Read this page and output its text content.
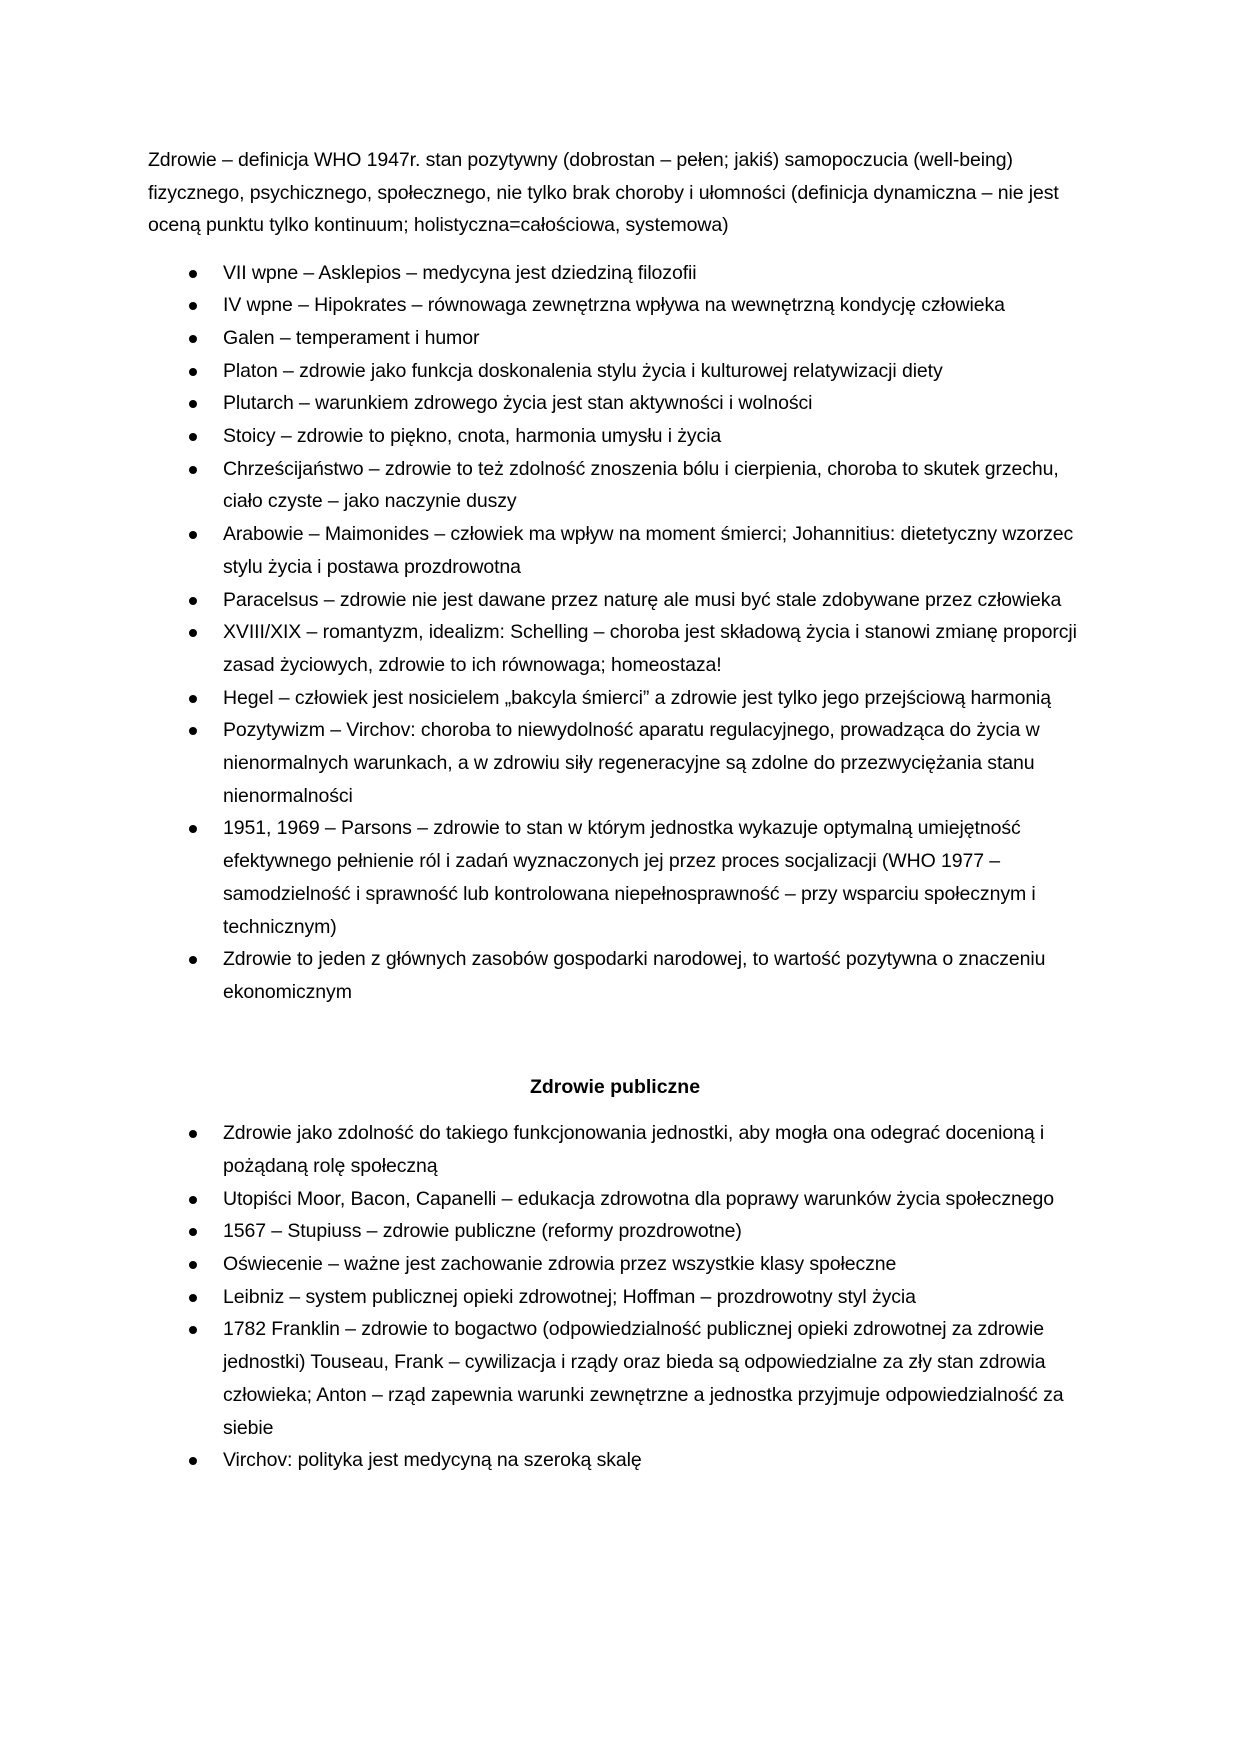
Zdrowie – definicja WHO 1947r. stan pozytywny (dobrostan – pełen; jakiś) samopoczucia (well-being) fizycznego, psychicznego, społecznego, nie tylko brak choroby i ułomności (definicja dynamiczna – nie jest oceną punktu tylko kontinuum; holistyczna=całościowa, systemowa)

VII wpne – Asklepios – medycyna jest dziedziną filozofii
IV wpne – Hipokrates – równowaga zewnętrzna wpływa na wewnętrzną kondycję człowieka
Galen – temperament i humor
Platon – zdrowie jako funkcja doskonalenia stylu życia i kulturowej relatywizacji diety
Plutarch – warunkiem zdrowego życia jest stan aktywności i wolności
Stoicy – zdrowie to piękno, cnota, harmonia umysłu i życia
Chrześcijaństwo – zdrowie to też zdolność znoszenia bólu i cierpienia, choroba to skutek grzechu, ciało czyste – jako naczynie duszy
Arabowie – Maimonides – człowiek ma wpływ na moment śmierci; Johannitius: dietetyczny wzorzec stylu życia i postawa prozdrowotna
Paracelsus – zdrowie nie jest dawane przez naturę ale musi być stale zdobywane przez człowieka
XVIII/XIX – romantyzm, idealizm: Schelling – choroba jest składową życia i stanowi zmianę proporcji zasad życiowych, zdrowie to ich równowaga; homeostaza!
Hegel – człowiek jest nosicielem „bakcyla śmierci” a zdrowie jest tylko jego przejściową harmonią
Pozytywizm – Virchov: choroba to niewydolność aparatu regulacyjnego, prowadząca do życia w nienormalnych warunkach, a w zdrowiu siły regeneracyjne są zdolne do przezwyciężania stanu nienormalności
1951, 1969 – Parsons – zdrowie to stan w którym jednostka wykazuje optymalną umiejętność efektywnego pełnienie ról i zadań wyznaczonych jej przez proces socjalizacji (WHO 1977 – samodzielność i sprawność lub kontrolowana niepełnosprawność – przy wsparciu społecznym i technicznym)
Zdrowie to jeden z głównych zasobów gospodarki narodowej, to wartość pozytywna o znaczeniu ekonomicznym
Zdrowie publiczne
Zdrowie jako zdolność do takiego funkcjonowania jednostki, aby mogła ona odegrać docenioną i pożądaną rolę społeczną
Utopiści Moor, Bacon, Capanelli – edukacja zdrowotna dla poprawy warunków życia społecznego
1567 – Stupiuss – zdrowie publiczne (reformy prozdrowotne)
Oświecenie – ważne jest zachowanie zdrowia przez wszystkie klasy społeczne
Leibniz – system publicznej opieki zdrowotnej; Hoffman – prozdrowotny styl życia
1782 Franklin – zdrowie to bogactwo (odpowiedzialność publicznej opieki zdrowotnej za zdrowie jednostki) Touseau, Frank – cywilizacja i rządy oraz bieda są odpowiedzialne za zły stan zdrowia człowieka; Anton – rząd zapewnia warunki zewnętrzne a jednostka przyjmuje odpowiedzialność za siebie
Virchov: polityka jest medycyną na szeroką skalę
